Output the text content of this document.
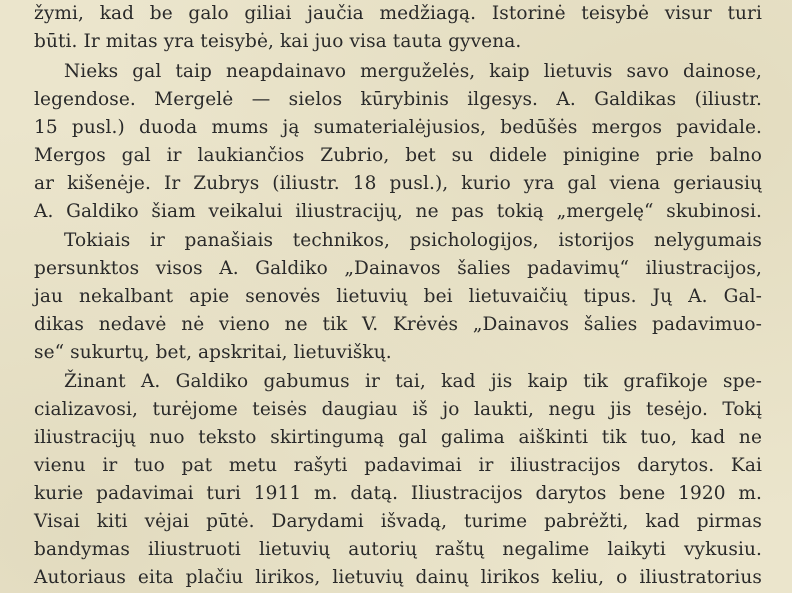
žymi, kad be galo giliai jaučia medžiagą. Istorinė teisybė visur turi
būti. Ir mitas yra teisybė, kai juo visa tauta gyvena.
Nieks gal taip neapdainavo merguželės, kaip lietuvis savo dainose,
legendose. Mergelė — sielos kūrybinis ilgesys. A. Galdikas (iliustr.
15 pusl.) duoda mums ją sumaterialėjusios, bedūšės mergos pavidale.
Mergos gal ir laukiančios Zubrio, bet su didele pinigine prie balno
ar kišenėje. Ir Zubrys (iliustr. 18 pusl.), kurio yra gal viena geriausių
A. Galdiko šiam veikalui iliustracijų, ne pas tokią „mergelę“ skubinosi.
Tokiais ir panašiais technikos, psichologijos, istorijos nelygumais
persunktos visos A. Galdiko „Dainavos šalies padavimų“ iliustracijos,
jau nekalbant apie senovės lietuvių bei lietuvaičių tipus. Jų A. Gal-
dikas nedavė nė vieno ne tik V. Krėvės „Dainavos šalies padavimuo-
se“ sukurtų, bet, apskritai, lietuviškų.
Žinant A. Galdiko gabumus ir tai, kad jis kaip tik grafikoje spe-
cializavosi, turėjome teisės daugiau iš jo laukti, negu jis tesėjo. Tokį
iliustracijų nuo teksto skirtingumą gal galima aiškinti tik tuo, kad ne
vienu ir tuo pat metu rašyti padavimai ir iliustracijos darytos. Kai
kurie padavimai turi 1911 m. datą. Iliustracijos darytos bene 1920 m.
Visai kiti vėjai pūtė. Darydami išvadą, turime pabrėžti, kad pirmas
bandymas iliustruoti lietuvių autorių raštų negalime laikyti vykusiu.
Autoriaus eita plačiu lirikos, lietuvių dainų lirikos keliu, o iliustratorius
